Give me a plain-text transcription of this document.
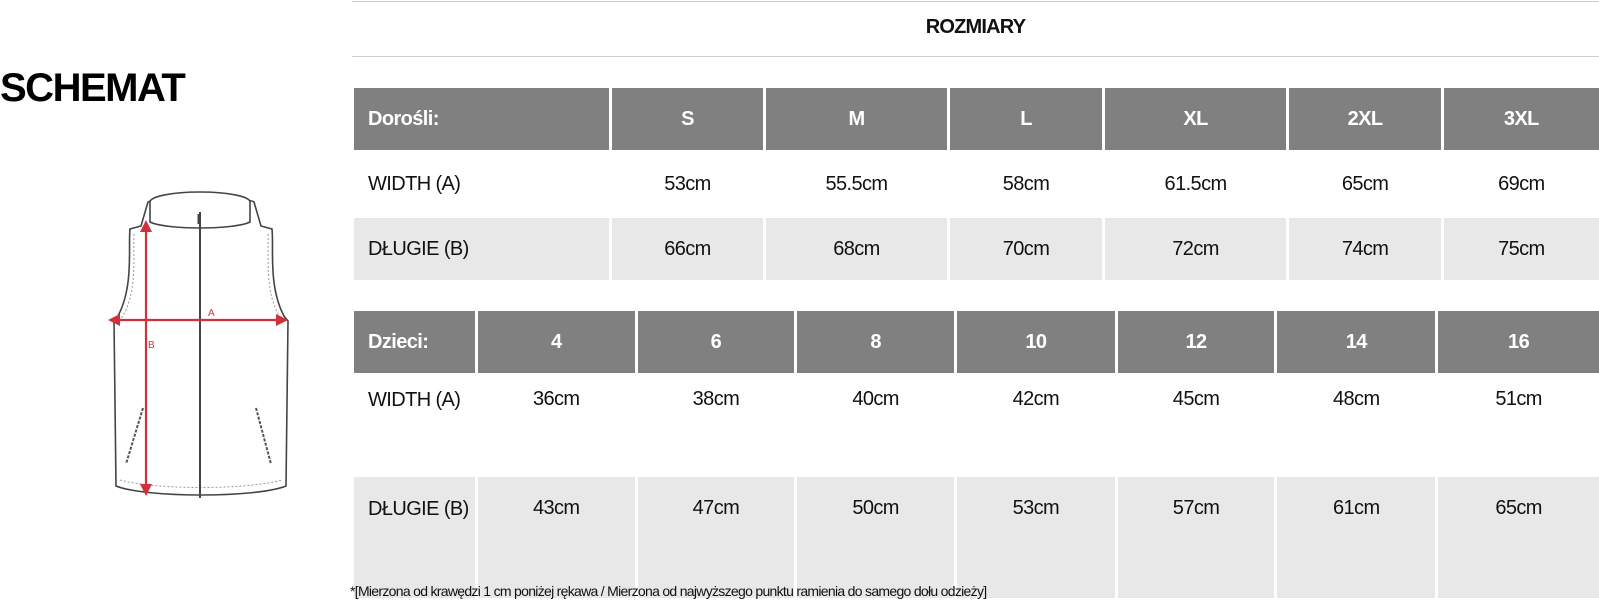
SCHEMAT
A
B
ROZMIARY
Dorośli:	S	M	L	XL	2XL	3XL
WIDTH (A)	53cm	55.5cm	58cm	61.5cm	65cm	69cm
DŁUGIE (B)	66cm	68cm	70cm	72cm	74cm	75cm
Dzieci:	4	6	8	10	12	14	16
WIDTH (A)	36cm	38cm	40cm	42cm	45cm	48cm	51cm
DŁUGIE (B)	43cm	47cm	50cm	53cm	57cm	61cm	65cm
*[Mierzona od krawędzi 1 cm poniżej rękawa / Mierzona od najwyższego punktu ramienia do samego dołu odzieży]
